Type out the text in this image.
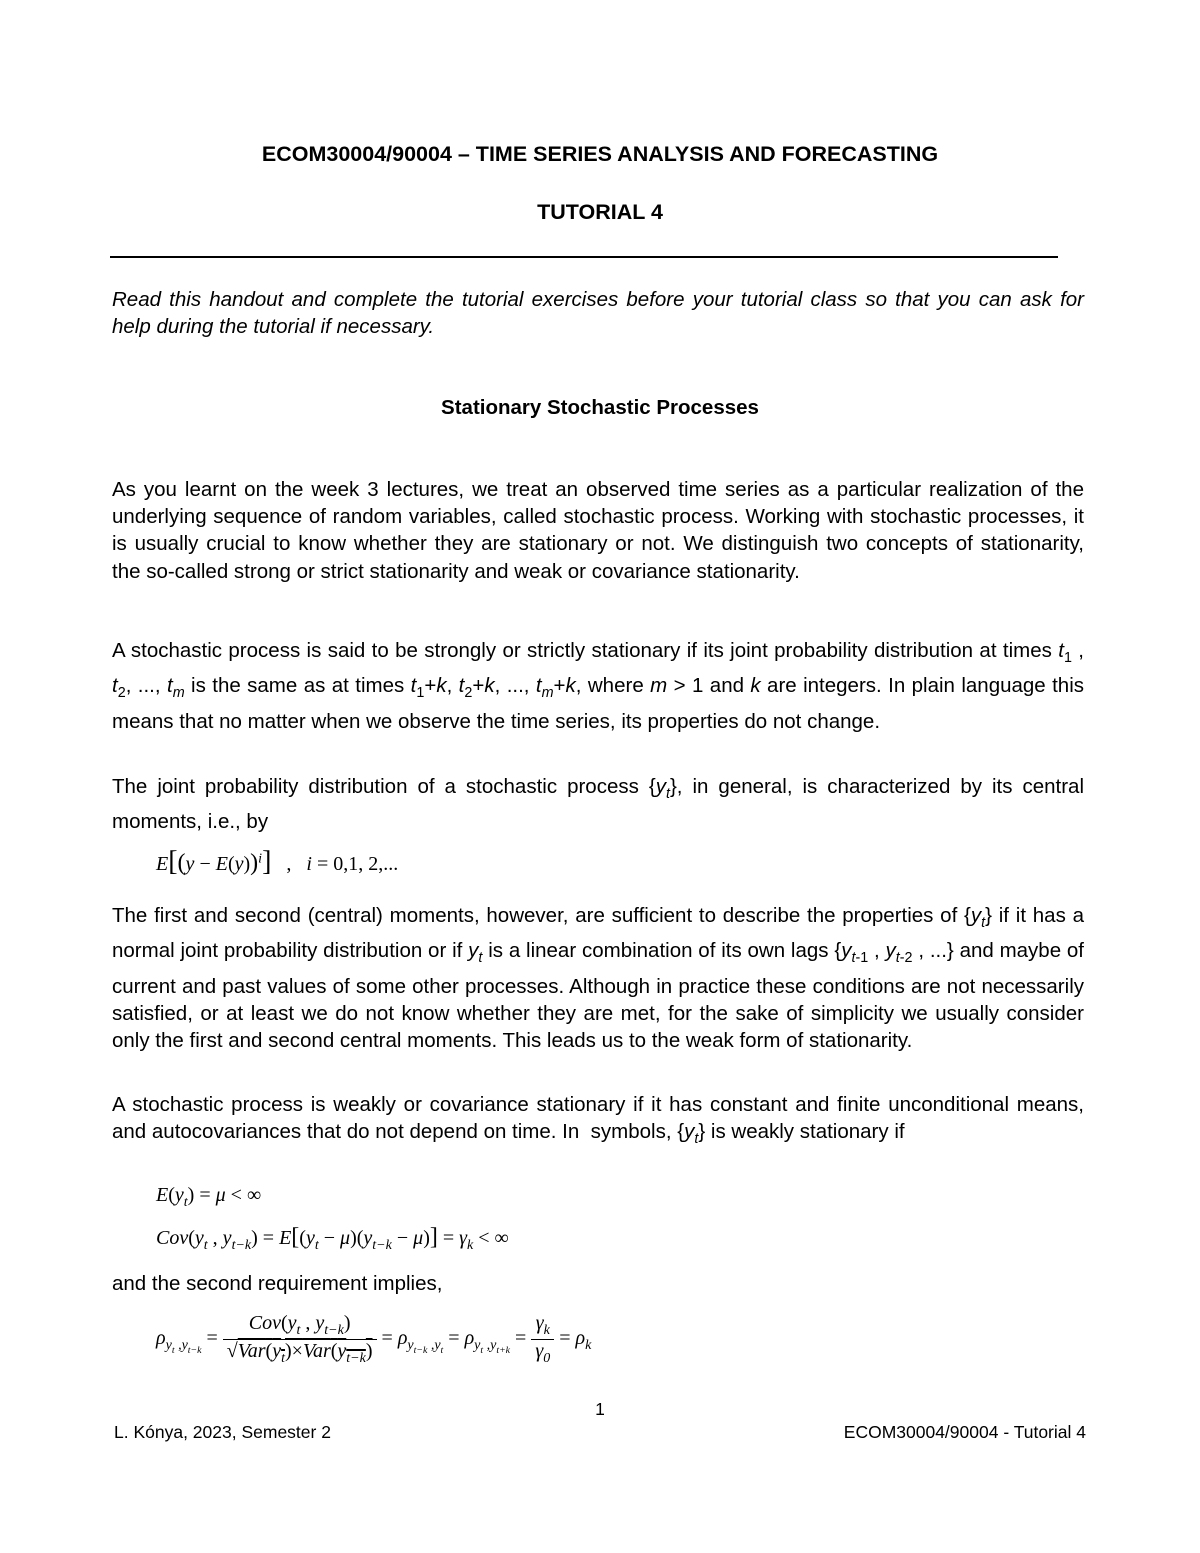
ECOM30004/90004 – TIME SERIES ANALYSIS AND FORECASTING
TUTORIAL 4
Read this handout and complete the tutorial exercises before your tutorial class so that you can ask for help during the tutorial if necessary.
Stationary Stochastic Processes
As you learnt on the week 3 lectures, we treat an observed time series as a particular realization of the underlying sequence of random variables, called stochastic process. Working with stochastic processes, it is usually crucial to know whether they are stationary or not. We distinguish two concepts of stationarity, the so-called strong or strict stationarity and weak or covariance stationarity.
A stochastic process is said to be strongly or strictly stationary if its joint probability distribution at times $t_1$ , $t_2$, ..., $t_m$ is the same as at times $t_1+k$, $t_2+k$, ..., $t_m+k$, where m > 1 and k are integers. In plain language this means that no matter when we observe the time series, its properties do not change.
The joint probability distribution of a stochastic process $\{y_t\}$, in general, is characterized by its central moments, i.e., by
$E[(y - E(y))^i]$   ,   i = 0,1, 2,...
The first and second (central) moments, however, are sufficient to describe the properties of $\{y_t\}$ if it has a normal joint probability distribution or if $y_t$ is a linear combination of its own lags {$y_{t-1}$ , $y_{t-2}$ , ...} and maybe of current and past values of some other processes. Although in practice these conditions are not necessarily satisfied, or at least we do not know whether they are met, for the sake of simplicity we usually consider only the first and second central moments. This leads us to the weak form of stationarity.
A stochastic process is weakly or covariance stationary if it has constant and finite unconditional means, and autocovariances that do not depend on time. In  symbols, $\{y_t\}$ is weakly stationary if
$E(y_t) = \mu$ < ∞
$Cov(y_t$ , $y_{t-k}) = E[(y_t - \mu)(y_{t-k} - \mu)] = \gamma_k$ < ∞
and the second requirement implies,
$\rho_{y_t ,y_{t-k}} = \frac{Cov(y_t , y_{t-k})}{√Var(y_t)\times Var(y_{t-k})} = \rho_{y_{t-k} ,y_t} = \rho_{y_t ,y_{t+k}} = \frac{\gamma_k}{\gamma_0} = \rho_k$
1
L. Kónya, 2023, Semester 2	ECOM30004/90004 - Tutorial 4
